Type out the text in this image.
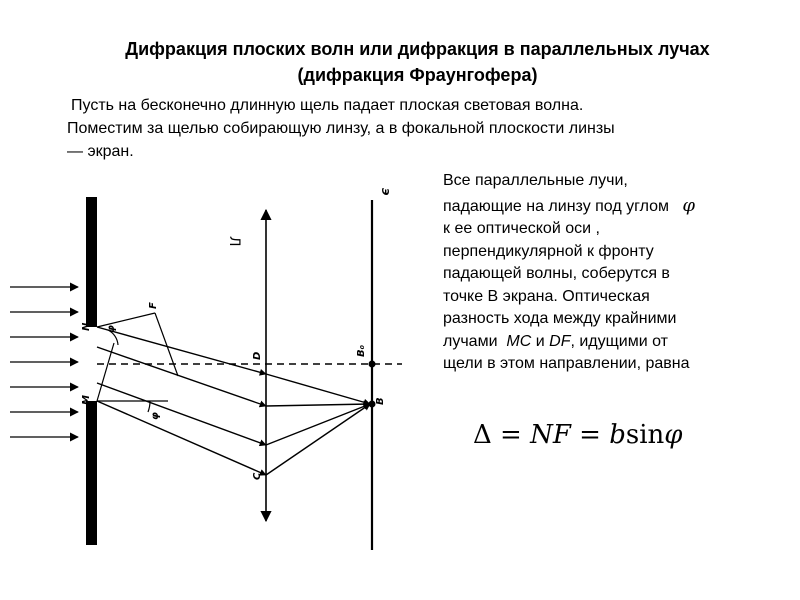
Дифракция плоских волн или дифракция в параллельных лучах
(дифракция Фраунгофера)
Пусть на бесконечно длинную щель падает плоская световая волна.
Поместим за щелью собирающую линзу, а в фокальной плоскости линзы
— экран.
Все параллельные лучи,
падающие на линзу под углом φ
к ее оптической оси ,
перпендикулярной к фронту
падающей волны, соберутся в
точке В экрана. Оптическая
разность хода между крайними
лучами MC и DF, идущими от
щели в этом направлении, равна
Δ = NF = bsinφ
Л
Э
N
M
F
D
C
B
B₀
φ
φ
